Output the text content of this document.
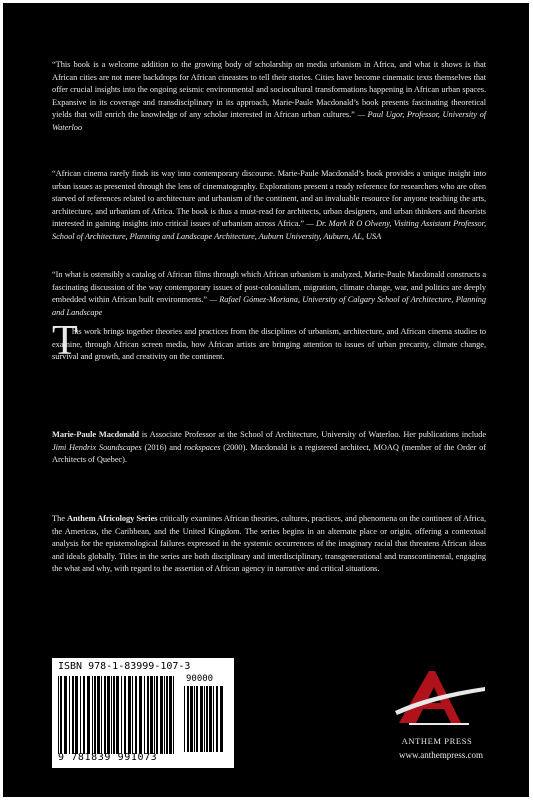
“This book is a welcome addition to the growing body of scholarship on media urbanism in Africa, and what it shows is that African cities are not mere backdrops for African cineastes to tell their stories. Cities have become cinematic texts themselves that offer crucial insights into the ongoing seismic environmental and sociocultural transformations happening in African urban spaces. Expansive in its coverage and transdisciplinary in its approach, Marie-Paule Macdonald’s book presents fascinating theoretical yields that will enrich the knowledge of any scholar interested in African urban cultures.” — Paul Ugor, Professor, University of Waterloo

“African cinema rarely finds its way into contemporary discourse. Marie-Paule Macdonald’s book provides a unique insight into urban issues as presented through the lens of cinematography. Explorations present a ready reference for researchers who are often starved of references related to architecture and urbanism of the continent, and an invaluable resource for anyone teaching the arts, architecture, and urbanism of Africa. The book is thus a must-read for architects, urban designers, and urban thinkers and theorists interested in gaining insights into critical issues of urbanism across Africa.” — Dr. Mark R O Olweny, Visiting Assistant Professor, School of Architecture, Planning and Landscape Architecture, Auburn University, Auburn, AL, USA

“In what is ostensibly a catalog of African films through which African urbanism is analyzed, Marie-Paule Macdonald constructs a fascinating discussion of the way contemporary issues of post-colonialism, migration, climate change, war, and politics are deeply embedded within African built environments.” — Rafael Gómez-Moriana, University of Calgary School of Architecture, Planning and Landscape

T

his work brings together theories and practices from the disciplines of urbanism, architecture, and African cinema studies to examine, through African screen media, how African artists are bringing attention to issues of urban precarity, climate change, survival and growth, and creativity on the continent.

Marie-Paule Macdonald is Associate Professor at the School of Architecture, University of Waterloo. Her publications include Jimi Hendrix Soundscapes (2016) and rockspaces (2000). Macdonald is a registered architect, MOAQ (member of the Order of Architects of Quebec).

The Anthem Africology Series critically examines African theories, cultures, practices, and phenomena on the continent of Africa, the Americas, the Caribbean, and the United Kingdom. The series begins in an alternate place or origin, offering a contextual analysis for the epistemological failures expressed in the systemic occurrences of the imaginary racial that threatens African ideas and ideals globally. Titles in the series are both disciplinary and interdisciplinary, transgenerational and transcontinental, engaging the what and why, with regard to the assertion of African agency in narrative and critical situations.

ISBN 978-1-83999-107-3
90000
9 781839 991073
ANTHEM PRESS
www.anthempress.com
